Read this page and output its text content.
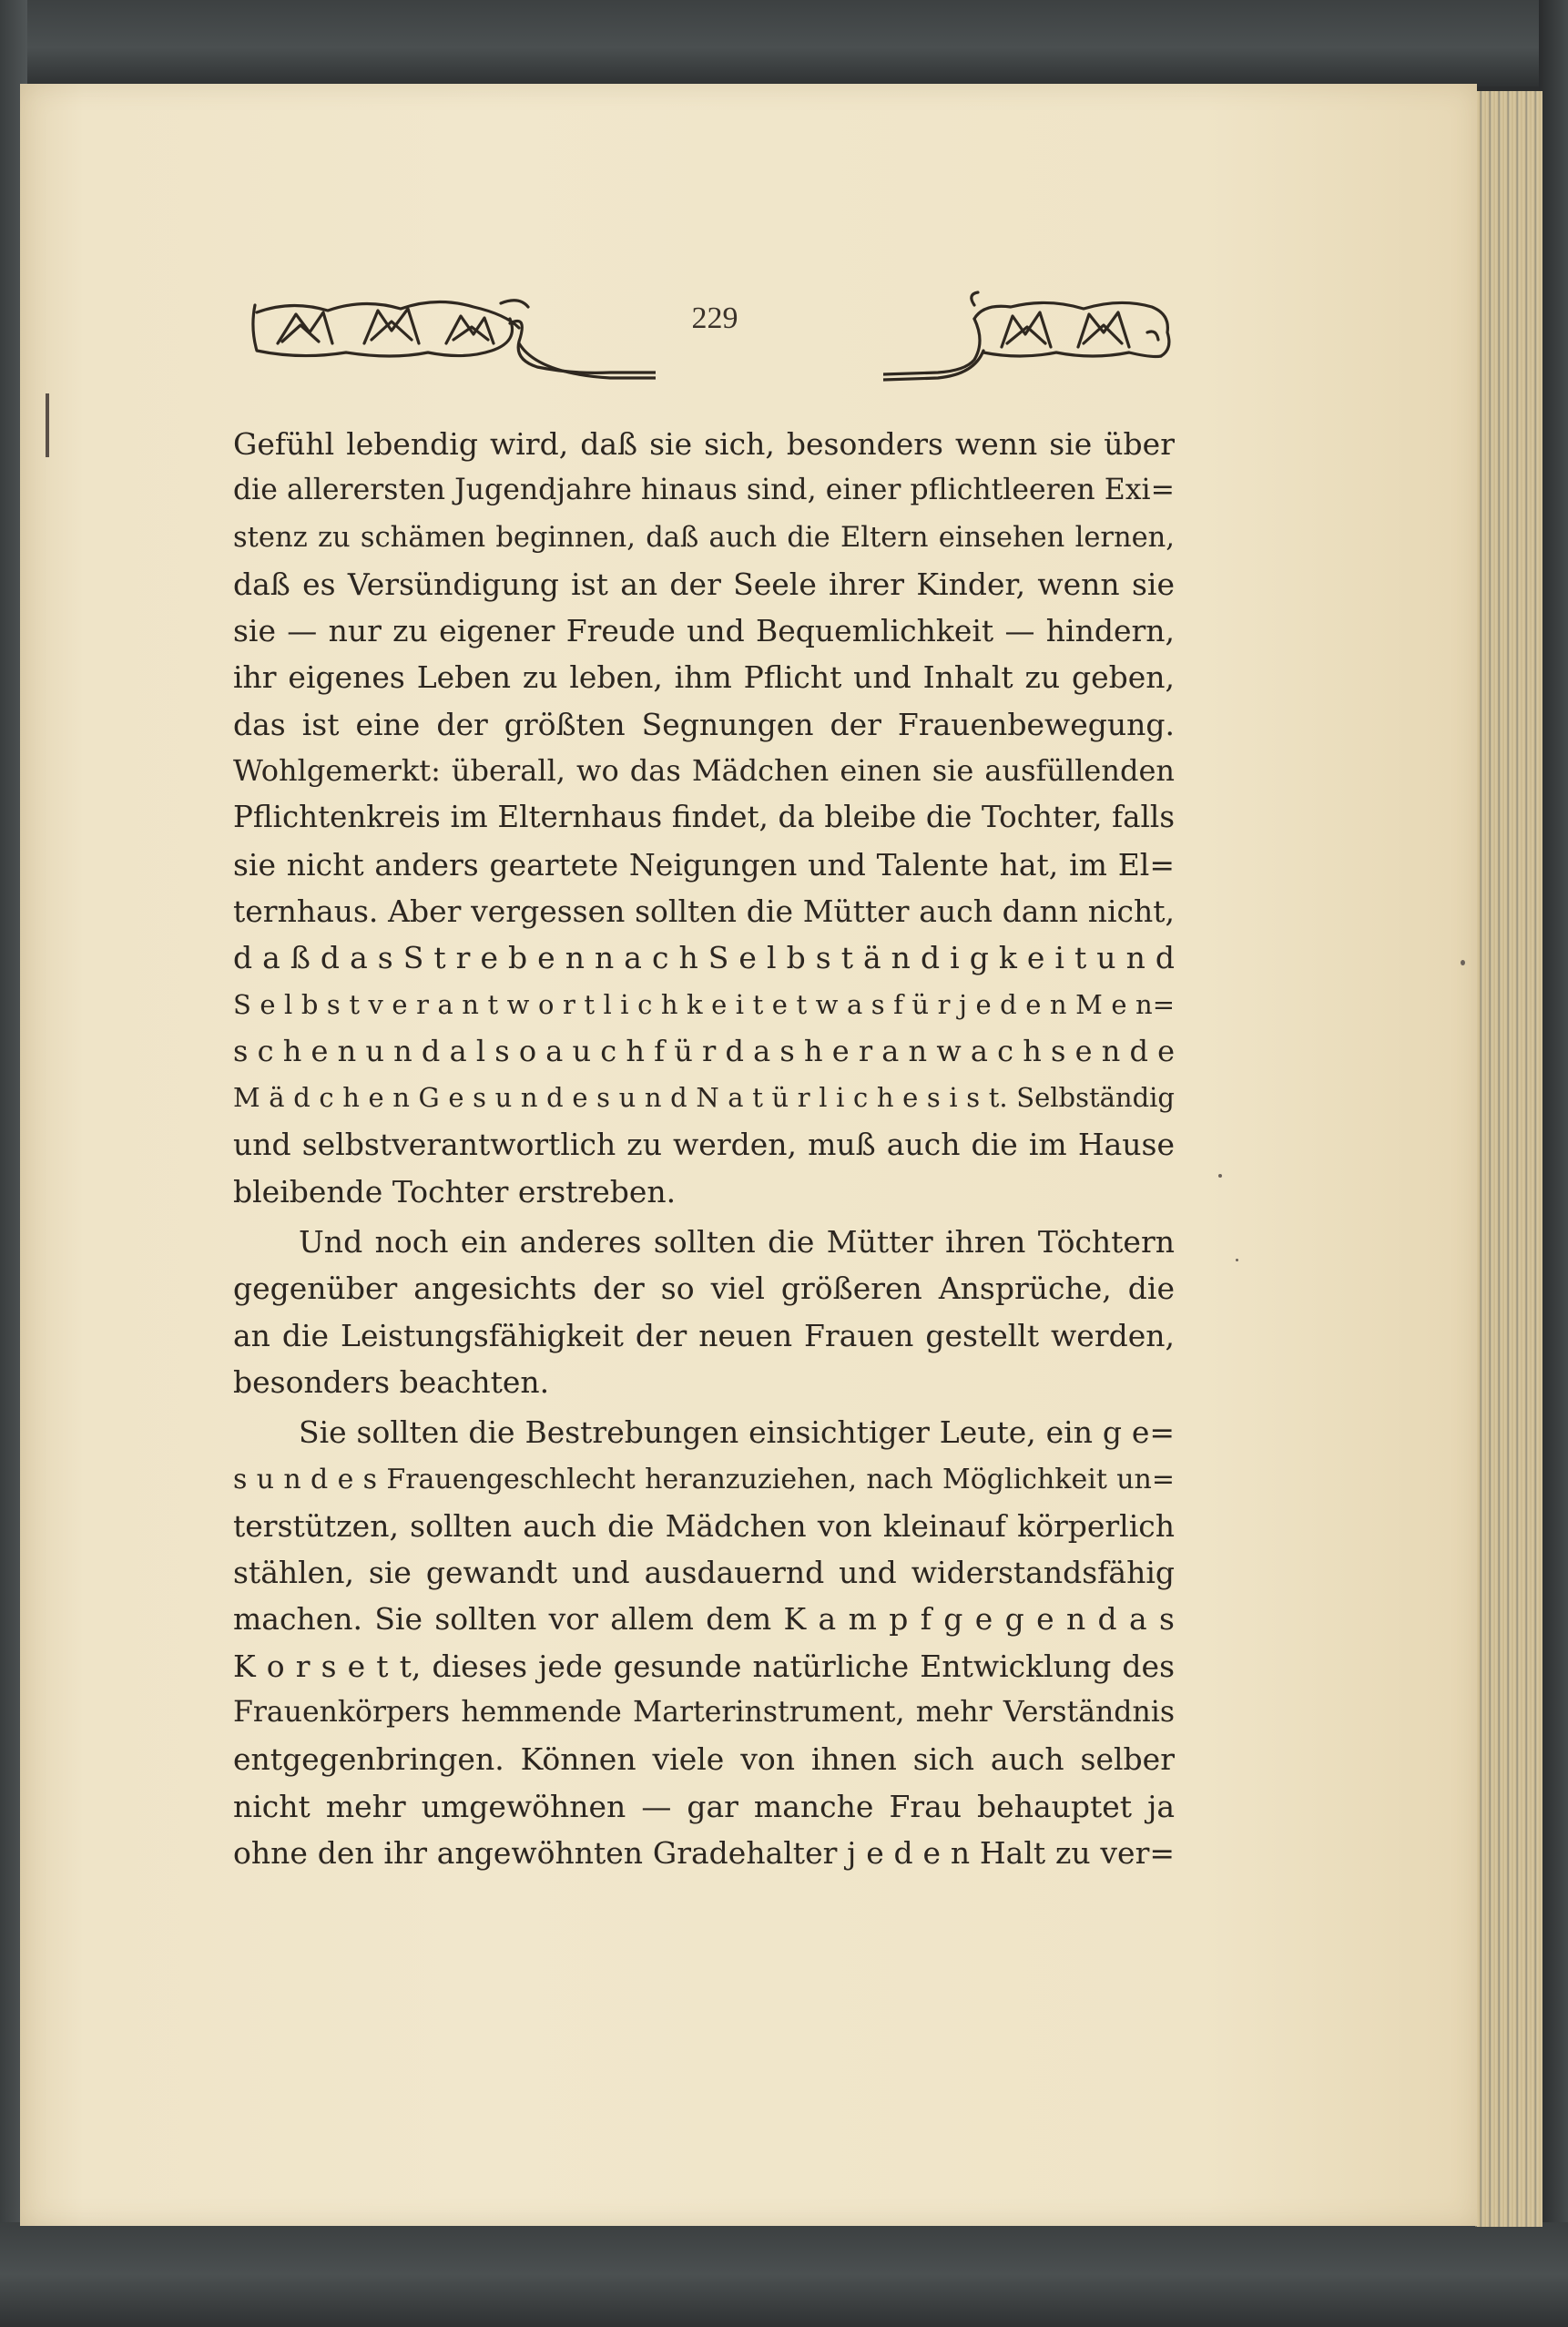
229
Gefühl lebendig wird, daß sie sich, besonders wenn sie über
die allerersten Jugendjahre hinaus sind, einer pflichtleeren Exi=
stenz zu schämen beginnen, daß auch die Eltern einsehen lernen,
daß es Versündigung ist an der Seele ihrer Kinder, wenn sie
sie — nur zu eigener Freude und Bequemlichkeit — hindern,
ihr eigenes Leben zu leben, ihm Pflicht und Inhalt zu geben,
das ist eine der größten Segnungen der Frauenbewegung.
Wohlgemerkt: überall, wo das Mädchen einen sie ausfüllenden
Pflichtenkreis im Elternhaus findet, da bleibe die Tochter, falls
sie nicht anders geartete Neigungen und Talente hat, im El=
ternhaus. Aber vergessen sollten die Mütter auch dann nicht,
d a ß d a s S t r e b e n n a c h S e l b s t ä n d i g k e i t u n d
S e l b s t v e r a n t w o r t l i c h k e i t e t w a s f ü r j e d e n M e n=
s c h e n u n d a l s o a u c h f ü r d a s h e r a n w a c h s e n d e
M ä d c h e n G e s u n d e s u n d N a t ü r l i c h e s i s t. Selbständig
und selbstverantwortlich zu werden, muß auch die im Hause
bleibende Tochter erstreben.
Und noch ein anderes sollten die Mütter ihren Töchtern
gegenüber angesichts der so viel größeren Ansprüche, die
an die Leistungsfähigkeit der neuen Frauen gestellt werden,
besonders beachten.
Sie sollten die Bestrebungen einsichtiger Leute, ein g e=
s u n d e s Frauengeschlecht heranzuziehen, nach Möglichkeit un=
terstützen, sollten auch die Mädchen von kleinauf körperlich
stählen, sie gewandt und ausdauernd und widerstandsfähig
machen. Sie sollten vor allem dem K a m p f g e g e n d a s
K o r s e t t, dieses jede gesunde natürliche Entwicklung des
Frauenkörpers hemmende Marterinstrument, mehr Verständnis
entgegenbringen. Können viele von ihnen sich auch selber
nicht mehr umgewöhnen — gar manche Frau behauptet ja
ohne den ihr angewöhnten Gradehalter j e d e n Halt zu ver=
